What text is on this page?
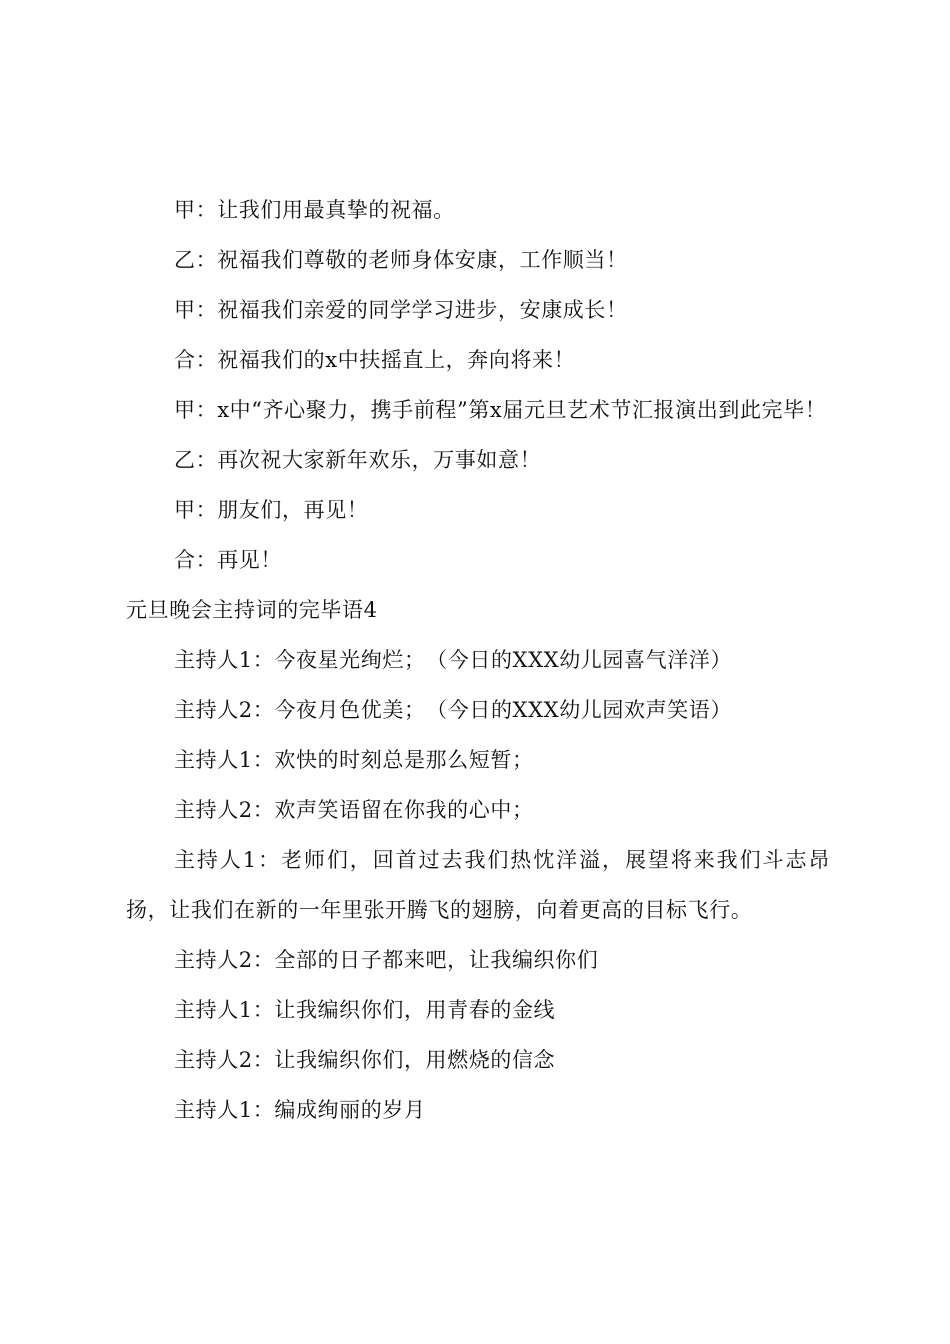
甲：让我们用最真挚的祝福。

乙：祝福我们尊敬的老师身体安康，工作顺当！

甲：祝福我们亲爱的同学学习进步，安康成长！

合：祝福我们的x中扶摇直上，奔向将来！

甲：x中“齐心聚力，携手前程”第x届元旦艺术节汇报演出到此完毕！

乙：再次祝大家新年欢乐，万事如意！

甲：朋友们，再见！

合：再见！

元旦晚会主持词的完毕语4

主持人1：今夜星光绚烂；　（今日的XXX幼儿园喜气洋洋）

主持人2：今夜月色优美；　（今日的XXX幼儿园欢声笑语）

主持人1：欢快的时刻总是那么短暂；

主持人2：欢声笑语留在你我的心中；

主持人1：老师们，回首过去我们热忱洋溢，展望将来我们斗志昂扬，让我们在新的一年里张开腾飞的翅膀，向着更高的目标飞行。

主持人2：全部的日子都来吧，让我编织你们

主持人1：让我编织你们，用青春的金线

主持人2：让我编织你们，用燃烧的信念

主持人1：编成绚丽的岁月
